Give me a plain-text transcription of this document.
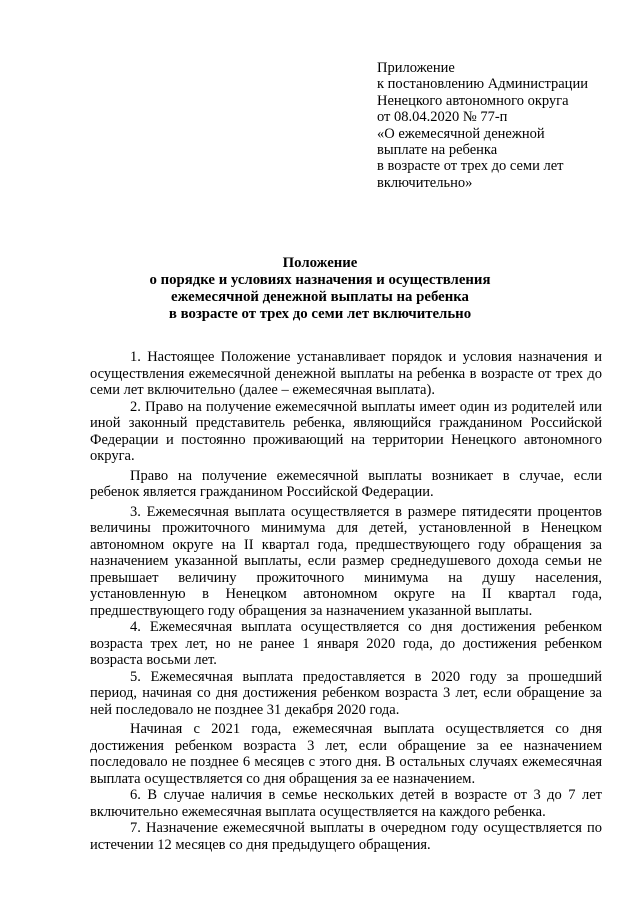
Приложение
к постановлению Администрации
Ненецкого автономного округа
от 08.04.2020 № 77-п
«О ежемесячной денежной
выплате на ребенка
в возрасте от трех до семи лет
включительно»
Положение
о порядке и условиях назначения и осуществления
ежемесячной денежной выплаты на ребенка
в возрасте от трех до семи лет включительно

1. Настоящее Положение устанавливает порядок и условия назначения и осуществления ежемесячной денежной выплаты на ребенка в возрасте от трех до семи лет включительно (далее – ежемесячная выплата).

2. Право на получение ежемесячной выплаты имеет один из родителей или иной законный представитель ребенка, являющийся гражданином Российской Федерации и постоянно проживающий на территории Ненецкого автономного округа.

Право на получение ежемесячной выплаты возникает в случае, если ребенок является гражданином Российской Федерации.

3. Ежемесячная выплата осуществляется в размере пятидесяти процентов величины прожиточного минимума для детей, установленной в Ненецком автономном округе на II квартал года, предшествующего году обращения за назначением указанной выплаты, если размер среднедушевого дохода семьи не превышает величину прожиточного минимума на душу населения, установленную в Ненецком автономном округе на II квартал года, предшествующего году обращения за назначением указанной выплаты.

4. Ежемесячная выплата осуществляется со дня достижения ребенком возраста трех лет, но не ранее 1 января 2020 года, до достижения ребенком возраста восьми лет.

5. Ежемесячная выплата предоставляется в 2020 году за прошедший период, начиная со дня достижения ребенком возраста 3 лет, если обращение за ней последовало не позднее 31 декабря 2020 года.

Начиная с 2021 года, ежемесячная выплата осуществляется со дня достижения ребенком возраста 3 лет, если обращение за ее назначением последовало не позднее 6 месяцев с этого дня. В остальных случаях ежемесячная выплата осуществляется со дня обращения за ее назначением.

6. В случае наличия в семье нескольких детей в возрасте от 3 до 7 лет включительно ежемесячная выплата осуществляется на каждого ребенка.

7. Назначение ежемесячной выплаты в очередном году осуществляется по истечении 12 месяцев со дня предыдущего обращения.
